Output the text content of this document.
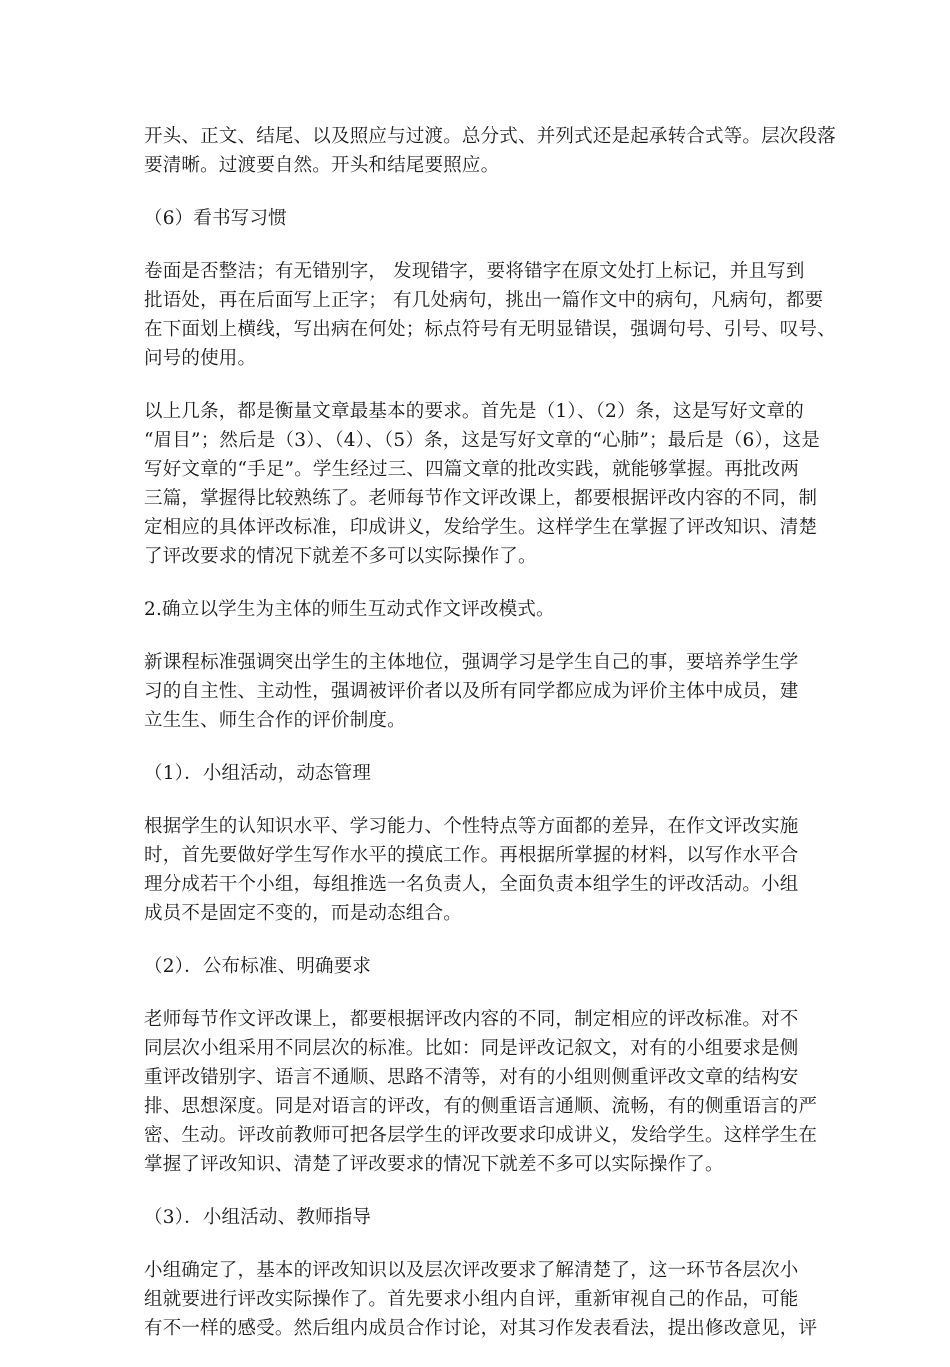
开头、正文、结尾、以及照应与过渡。总分式、并列式还是起承转合式等。层次段落
要清晰。过渡要自然。开头和结尾要照应。
（6）看书写习惯
卷面是否整洁；有无错别字， 发现错字，要将错字在原文处打上标记，并且写到
批语处，再在后面写上正字； 有几处病句，挑出一篇作文中的病句，凡病句，都要
在下面划上横线，写出病在何处；标点符号有无明显错误，强调句号、引号、叹号、
问号的使用。
以上几条，都是衡量文章最基本的要求。首先是（1）、（2）条，这是写好文章的
“眉目”；然后是（3）、（4）、（5）条，这是写好文章的“心肺”；最后是（6），这是
写好文章的“手足”。学生经过三、四篇文章的批改实践，就能够掌握。再批改两
三篇，掌握得比较熟练了。老师每节作文评改课上，都要根据评改内容的不同，制
定相应的具体评改标准，印成讲义，发给学生。这样学生在掌握了评改知识、清楚
了评改要求的情况下就差不多可以实际操作了。
2.确立以学生为主体的师生互动式作文评改模式。
新课程标准强调突出学生的主体地位，强调学习是学生自己的事，要培养学生学
习的自主性、主动性，强调被评价者以及所有同学都应成为评价主体中成员，建
立生生、师生合作的评价制度。
（1）．小组活动，动态管理
根据学生的认知识水平、学习能力、个性特点等方面都的差异，在作文评改实施
时，首先要做好学生写作水平的摸底工作。再根据所掌握的材料，以写作水平合
理分成若干个小组，每组推选一名负责人，全面负责本组学生的评改活动。小组
成员不是固定不变的，而是动态组合。
（2）．公布标准、明确要求
老师每节作文评改课上，都要根据评改内容的不同，制定相应的评改标准。对不
同层次小组采用不同层次的标准。比如：同是评改记叙文，对有的小组要求是侧
重评改错别字、语言不通顺、思路不清等，对有的小组则侧重评改文章的结构安
排、思想深度。同是对语言的评改，有的侧重语言通顺、流畅，有的侧重语言的严
密、生动。评改前教师可把各层学生的评改要求印成讲义，发给学生。这样学生在
掌握了评改知识、清楚了评改要求的情况下就差不多可以实际操作了。
（3）．小组活动、教师指导
小组确定了，基本的评改知识以及层次评改要求了解清楚了，这一环节各层次小
组就要进行评改实际操作了。首先要求小组内自评，重新审视自己的作品，可能
有不一样的感受。然后组内成员合作讨论，对其习作发表看法，提出修改意见，评
